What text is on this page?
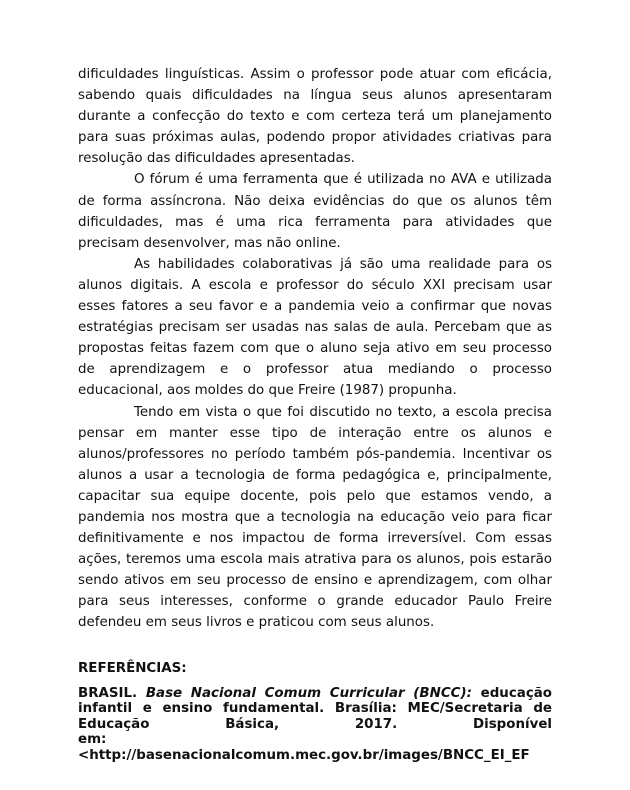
dificuldades linguísticas. Assim o professor pode atuar com eficácia, sabendo quais dificuldades na língua seus alunos apresentaram durante a confecção do texto e com certeza terá um planejamento para suas próximas aulas, podendo propor atividades criativas para resolução das dificuldades apresentadas.

O fórum é uma ferramenta que é utilizada no AVA e utilizada de forma assíncrona. Não deixa evidências do que os alunos têm dificuldades, mas é uma rica ferramenta para atividades que precisam desenvolver, mas não online.

As habilidades colaborativas já são uma realidade para os alunos digitais. A escola e professor do século XXI precisam usar esses fatores a seu favor e a pandemia veio a confirmar que novas estratégias precisam ser usadas nas salas de aula. Percebam que as propostas feitas fazem com que o aluno seja ativo em seu processo de aprendizagem e o professor atua mediando o processo educacional, aos moldes do que Freire (1987) propunha.

Tendo em vista o que foi discutido no texto, a escola precisa pensar em manter esse tipo de interação entre os alunos e alunos/professores no período também pós-pandemia. Incentivar os alunos a usar a tecnologia de forma pedagógica e, principalmente, capacitar sua equipe docente, pois pelo que estamos vendo, a pandemia nos mostra que a tecnologia na educação veio para ficar definitivamente e nos impactou de forma irreversível. Com essas ações, teremos uma escola mais atrativa para os alunos, pois estarão sendo ativos em seu processo de ensino e aprendizagem, com olhar para seus interesses, conforme o grande educador Paulo Freire defendeu em seus livros e praticou com seus alunos.

REFERÊNCIAS:

BRASIL. Base Nacional Comum Curricular (BNCC): educação
infantil e ensino fundamental. Brasília: MEC/Secretaria de
Educação Básica, 2017. Disponível
em:<http://basenacionalcomum.mec.gov.br/images/BNCC_EI_EF
